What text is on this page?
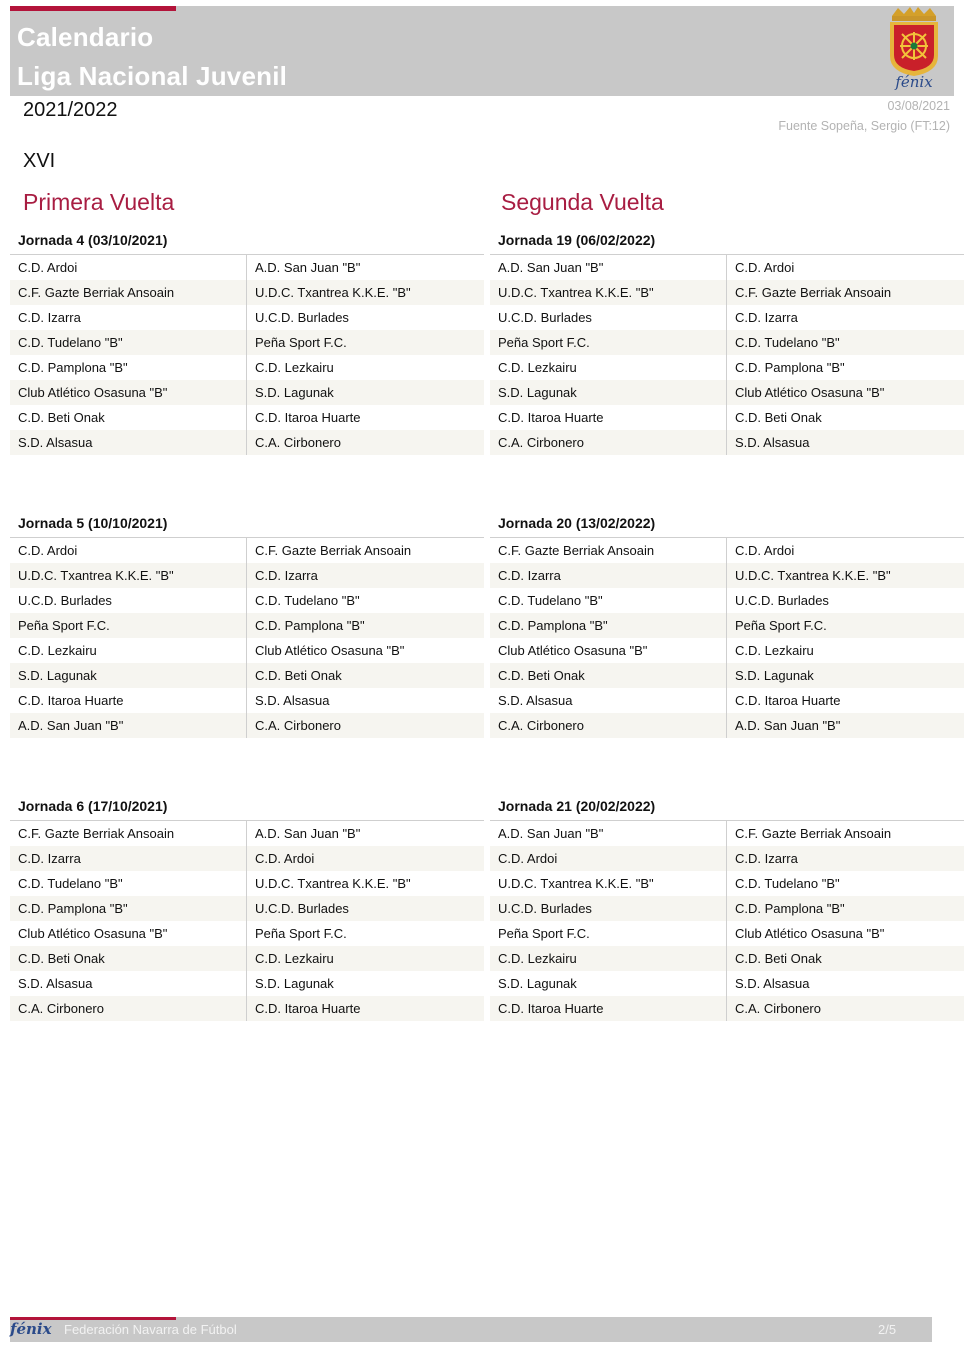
Calendario
Liga Nacional Juvenil	fénix
2021/2022
XVI
03/08/2021
Fuente Sopeña, Sergio (FT:12)
Primera Vuelta	Segunda Vuelta
Jornada 4 (03/10/2021)
C.D. Ardoi	A.D. San Juan "B"
C.F. Gazte Berriak Ansoain	U.D.C. Txantrea K.K.E. "B"
C.D. Izarra	U.C.D. Burlades
C.D. Tudelano "B"	Peña Sport F.C.
C.D. Pamplona "B"	C.D. Lezkairu
Club Atlético Osasuna "B"	S.D. Lagunak
C.D. Beti Onak	C.D. Itaroa Huarte
S.D. Alsasua	C.A. Cirbonero
Jornada 19 (06/02/2022)
A.D. San Juan "B"	C.D. Ardoi
U.D.C. Txantrea K.K.E. "B"	C.F. Gazte Berriak Ansoain
U.C.D. Burlades	C.D. Izarra
Peña Sport F.C.	C.D. Tudelano "B"
C.D. Lezkairu	C.D. Pamplona "B"
S.D. Lagunak	Club Atlético Osasuna "B"
C.D. Itaroa Huarte	C.D. Beti Onak
C.A. Cirbonero	S.D. Alsasua
Jornada 5 (10/10/2021)
C.D. Ardoi	C.F. Gazte Berriak Ansoain
U.D.C. Txantrea K.K.E. "B"	C.D. Izarra
U.C.D. Burlades	C.D. Tudelano "B"
Peña Sport F.C.	C.D. Pamplona "B"
C.D. Lezkairu	Club Atlético Osasuna "B"
S.D. Lagunak	C.D. Beti Onak
C.D. Itaroa Huarte	S.D. Alsasua
A.D. San Juan "B"	C.A. Cirbonero
Jornada 20 (13/02/2022)
C.F. Gazte Berriak Ansoain	C.D. Ardoi
C.D. Izarra	U.D.C. Txantrea K.K.E. "B"
C.D. Tudelano "B"	U.C.D. Burlades
C.D. Pamplona "B"	Peña Sport F.C.
Club Atlético Osasuna "B"	C.D. Lezkairu
C.D. Beti Onak	S.D. Lagunak
S.D. Alsasua	C.D. Itaroa Huarte
C.A. Cirbonero	A.D. San Juan "B"
Jornada 6 (17/10/2021)
C.F. Gazte Berriak Ansoain	A.D. San Juan "B"
C.D. Izarra	C.D. Ardoi
C.D. Tudelano "B"	U.D.C. Txantrea K.K.E. "B"
C.D. Pamplona "B"	U.C.D. Burlades
Club Atlético Osasuna "B"	Peña Sport F.C.
C.D. Beti Onak	C.D. Lezkairu
S.D. Alsasua	S.D. Lagunak
C.A. Cirbonero	C.D. Itaroa Huarte
Jornada 21 (20/02/2022)
A.D. San Juan "B"	C.F. Gazte Berriak Ansoain
C.D. Ardoi	C.D. Izarra
U.D.C. Txantrea K.K.E. "B"	C.D. Tudelano "B"
U.C.D. Burlades	C.D. Pamplona "B"
Peña Sport F.C.	Club Atlético Osasuna "B"
C.D. Lezkairu	C.D. Beti Onak
S.D. Lagunak	S.D. Alsasua
C.D. Itaroa Huarte	C.A. Cirbonero
fénix Federación Navarra de Fútbol	2/5
